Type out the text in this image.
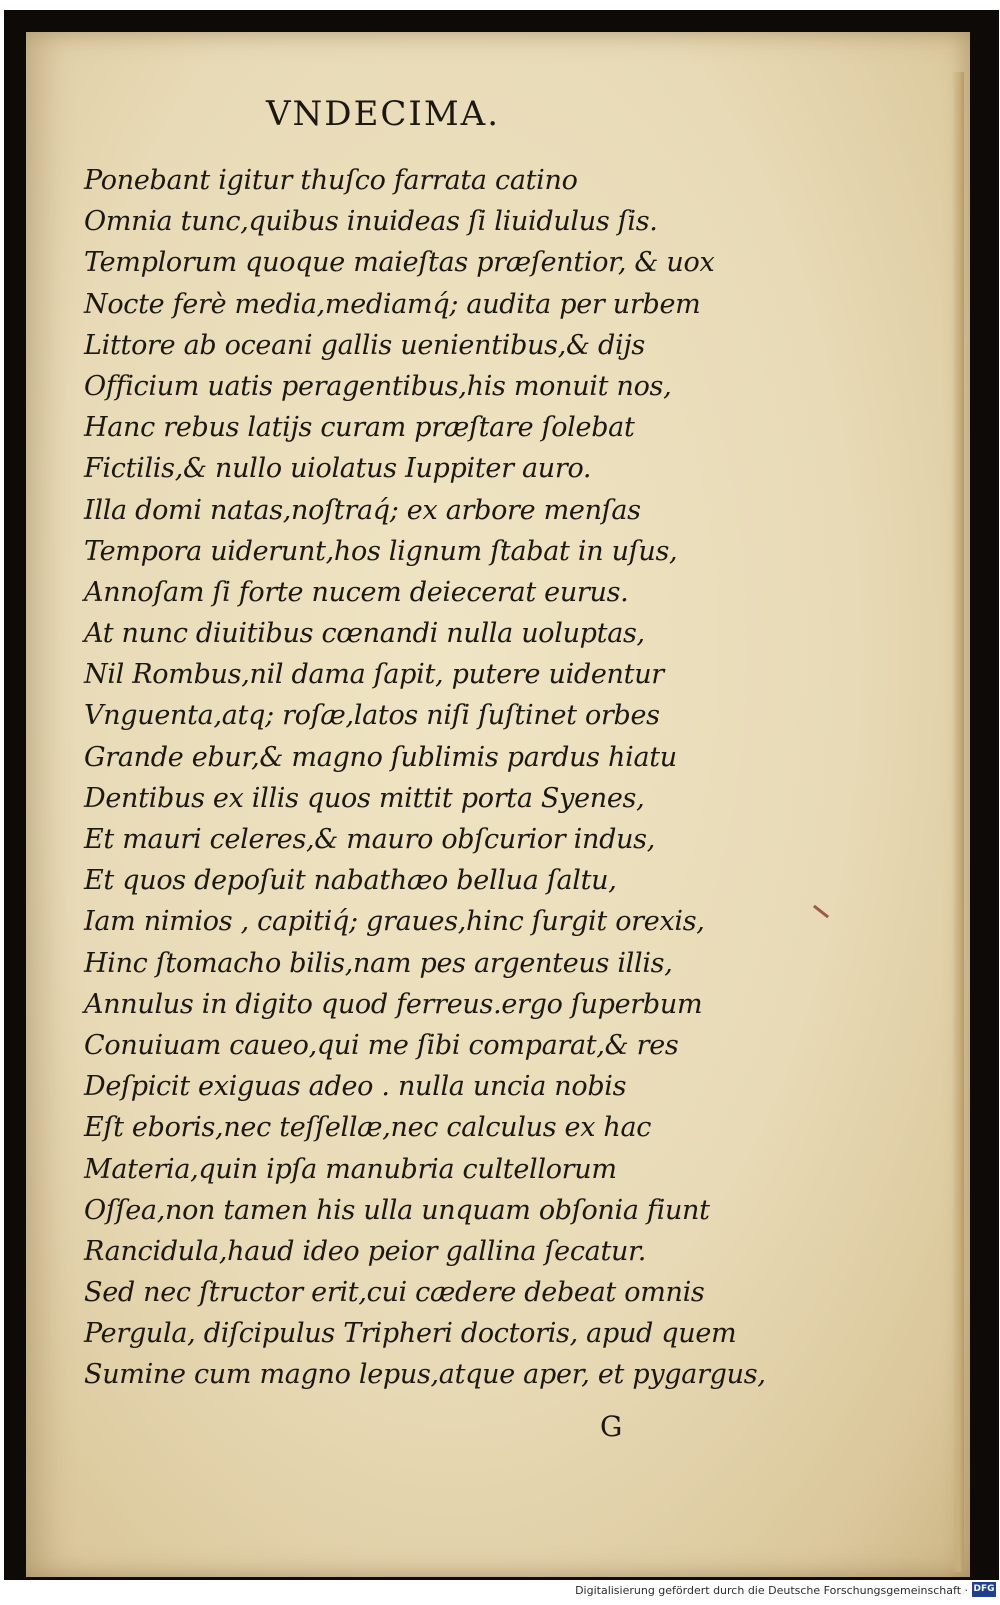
VNDECIMA.
Ponebant igitur thuſco farrata catino
Omnia tunc,quibus inuideas ſi liuidulus ſis.
Templorum quoque maieſtas præſentior, & uox
Nocte ferè media,mediamq́; audita per urbem
Littore ab oceani gallis uenientibus,& dijs
Officium uatis peragentibus,his monuit nos,
Hanc rebus latijs curam præſtare ſolebat
Fictilis,& nullo uiolatus Iuppiter auro.
Illa domi natas,noſtraq́; ex arbore menſas
Tempora uiderunt,hos lignum ſtabat in uſus,
Annoſam ſi forte nucem deiecerat eurus.
At nunc diuitibus cœnandi nulla uoluptas,
Nil Rombus,nil dama ſapit, putere uidentur
Vnguenta,atq; roſæ,latos niſi ſuſtinet orbes
Grande ebur,& magno ſublimis pardus hiatu
Dentibus ex illis quos mittit porta Syenes,
Et mauri celeres,& mauro obſcurior indus,
Et quos depoſuit nabathæo bellua ſaltu,
Iam nimios , capitiq́; graues,hinc ſurgit orexis,
Hinc ſtomacho bilis,nam pes argenteus illis,
Annulus in digito quod ferreus.ergo ſuperbum
Conuiuam caueo,qui me ſibi comparat,& res
Deſpicit exiguas adeo . nulla uncia nobis
Eſt eboris,nec teſſellæ,nec calculus ex hac
Materia,quin ipſa manubria cultellorum
Oſſea,non tamen his ulla unquam obſonia fiunt
Rancidula,haud ideo peior gallina ſecatur.
Sed nec ſtructor erit,cui cædere debeat omnis
Pergula, diſcipulus Tripheri doctoris, apud quem
Sumine cum magno lepus,atque aper, et pygargus,
G
Digitalisierung gefördert durch die Deutsche Forschungsgemeinschaft · DFG
